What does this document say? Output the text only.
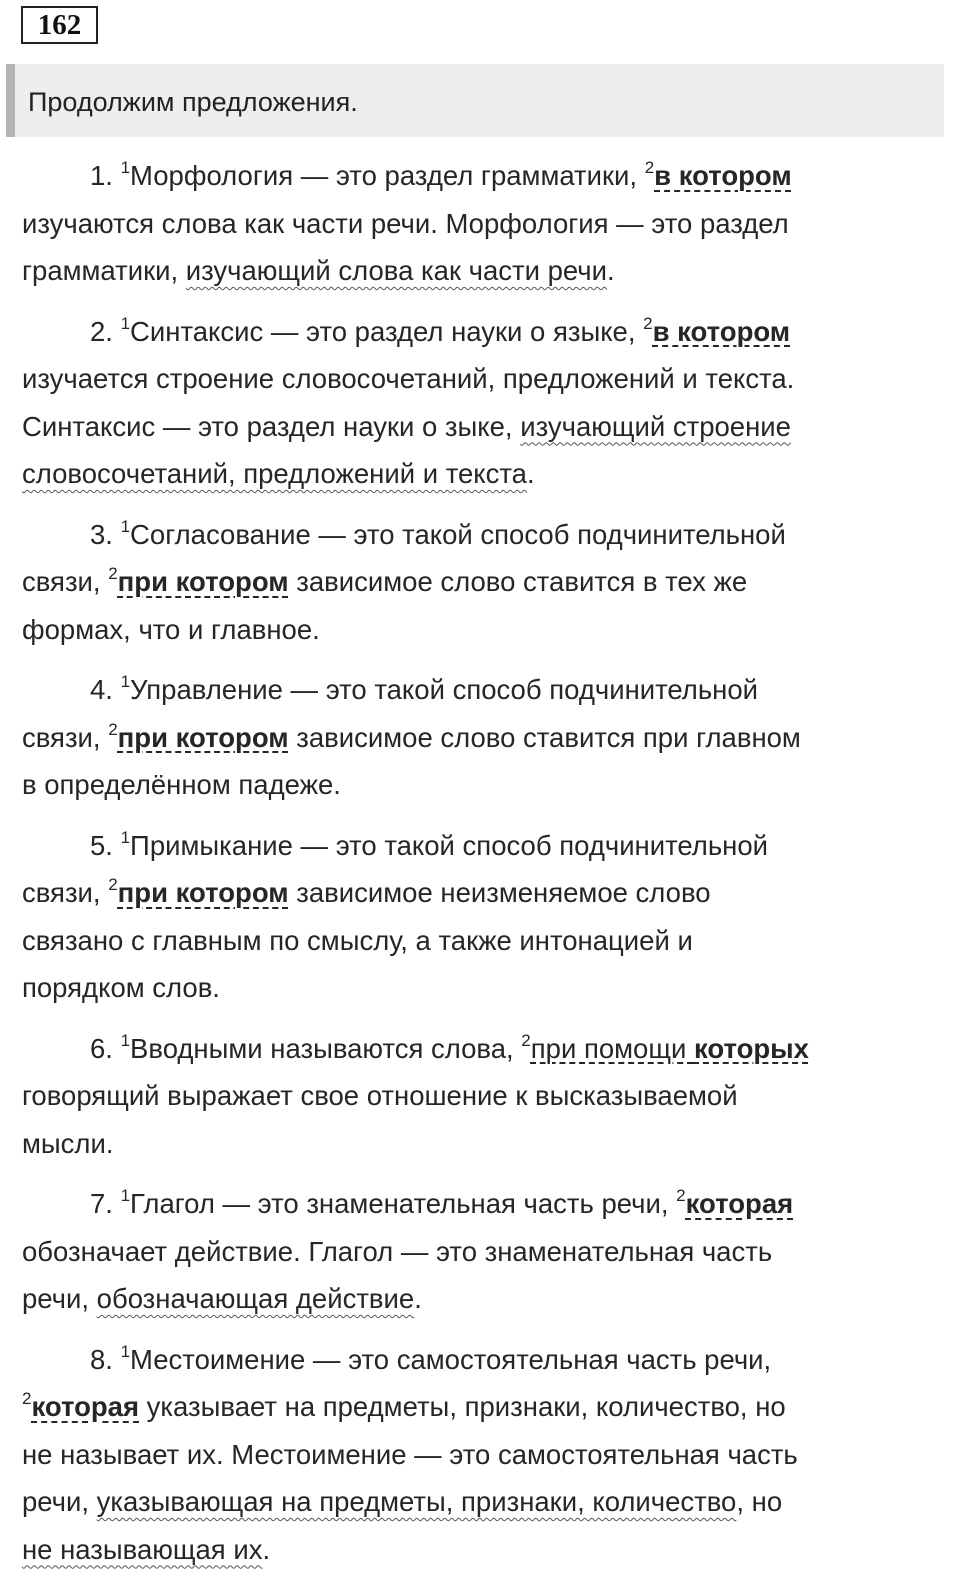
162
Продолжим предложения.
1. $^1$Морфология — это раздел грамматики, $^2$в котором
изучаются слова как части речи. Морфология — это раздел
грамматики, изучающий слова как части речи.
2. $^1$Синтаксис — это раздел науки о языке, $^2$в котором
изучается строение словосочетаний, предложений и текста.
Синтаксис — это раздел науки о зыке, изучающий строение
словосочетаний, предложений и текста.
3. $^1$Согласование — это такой способ подчинительной
связи, $^2$при котором зависимое слово ставится в тех же
формах, что и главное.
4. $^1$Управление — это такой способ подчинительной
связи, $^2$при котором зависимое слово ставится при главном
в определённом падеже.
5. $^1$Примыкание — это такой способ подчинительной
связи, $^2$при котором зависимое неизменяемое слово
связано с главным по смыслу, а также интонацией и
порядком слов.
6. $^1$Вводными называются слова, $^2$при помощи которых
говорящий выражает свое отношение к высказываемой
мысли.
7. $^1$Глагол — это знаменательная часть речи, $^2$которая
обозначает действие. Глагол — это знаменательная часть
речи, обозначающая действие.
8. $^1$Местоимение — это самостоятельная часть речи,
$^2$которая указывает на предметы, признаки, количество, но
не называет их. Местоимение — это самостоятельная часть
речи, указывающая на предметы, признаки, количество, но
не называющая их.
